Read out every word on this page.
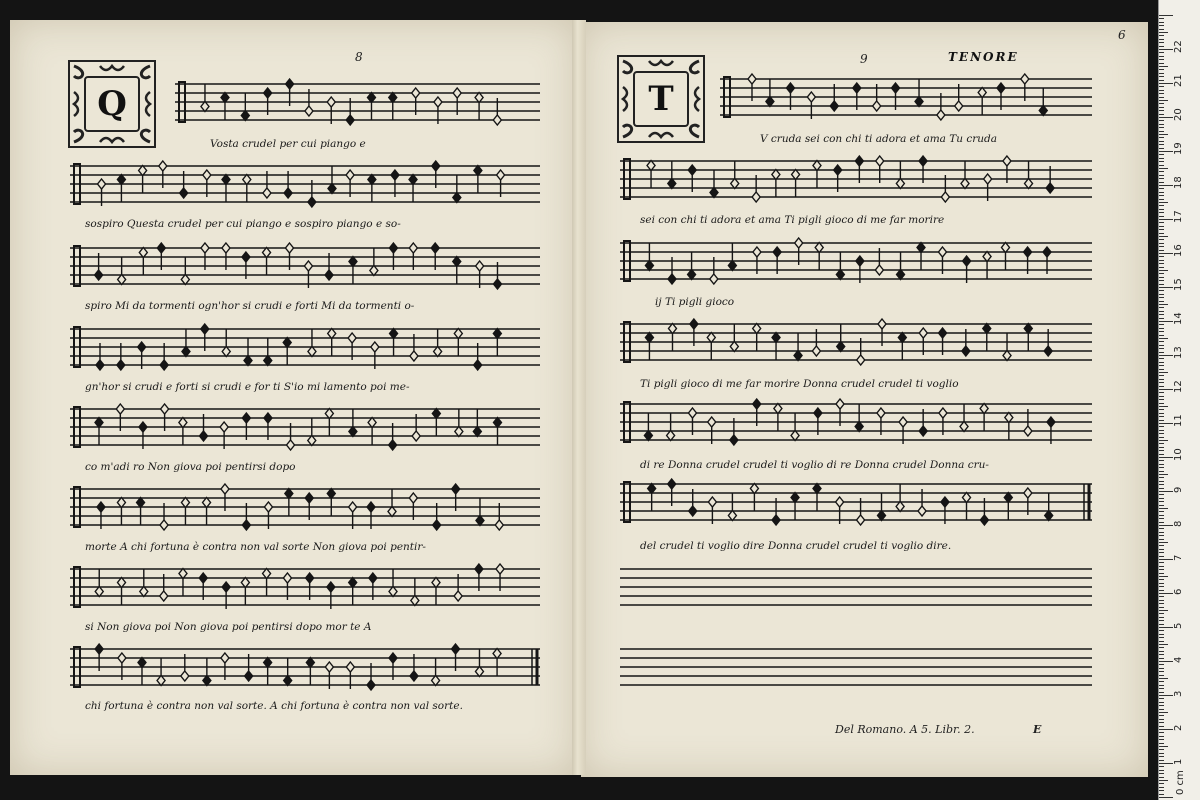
8
Q
Vosta crudel per cui piango e
sospiro Questa crudel per cui piango e sospiro piango e so-
spiro Mi da tormenti ogn'hor si crudi e forti Mi da tormenti o-
gn'hor si crudi e forti si crudi e for ti S'io mi lamento poi me-
co m'adi ro Non giova poi pentirsi dopo
morte A chi fortuna è contra non val sorte Non giova poi pentir-
si Non giova poi Non giova poi pentirsi dopo mor te A
chi fortuna è contra non val sorte. A chi fortuna è contra non val sorte.
9	TENORE
6
T
V cruda sei con chi ti adora et ama Tu cruda
sei con chi ti adora et ama Ti pigli gioco di me far morire
ij Ti pigli gioco
Ti pigli gioco di me far morire Donna crudel crudel ti voglio
di re Donna crudel crudel ti voglio di re Donna crudel Donna cru-
del crudel ti voglio dire Donna crudel crudel ti voglio dire.
Del Romano. A 5. Libr. 2.	E
0 cm
1
2
3
4
5
6
7
8
9
10
11
12
13
14
15
16
17
18
19
20
21
22
